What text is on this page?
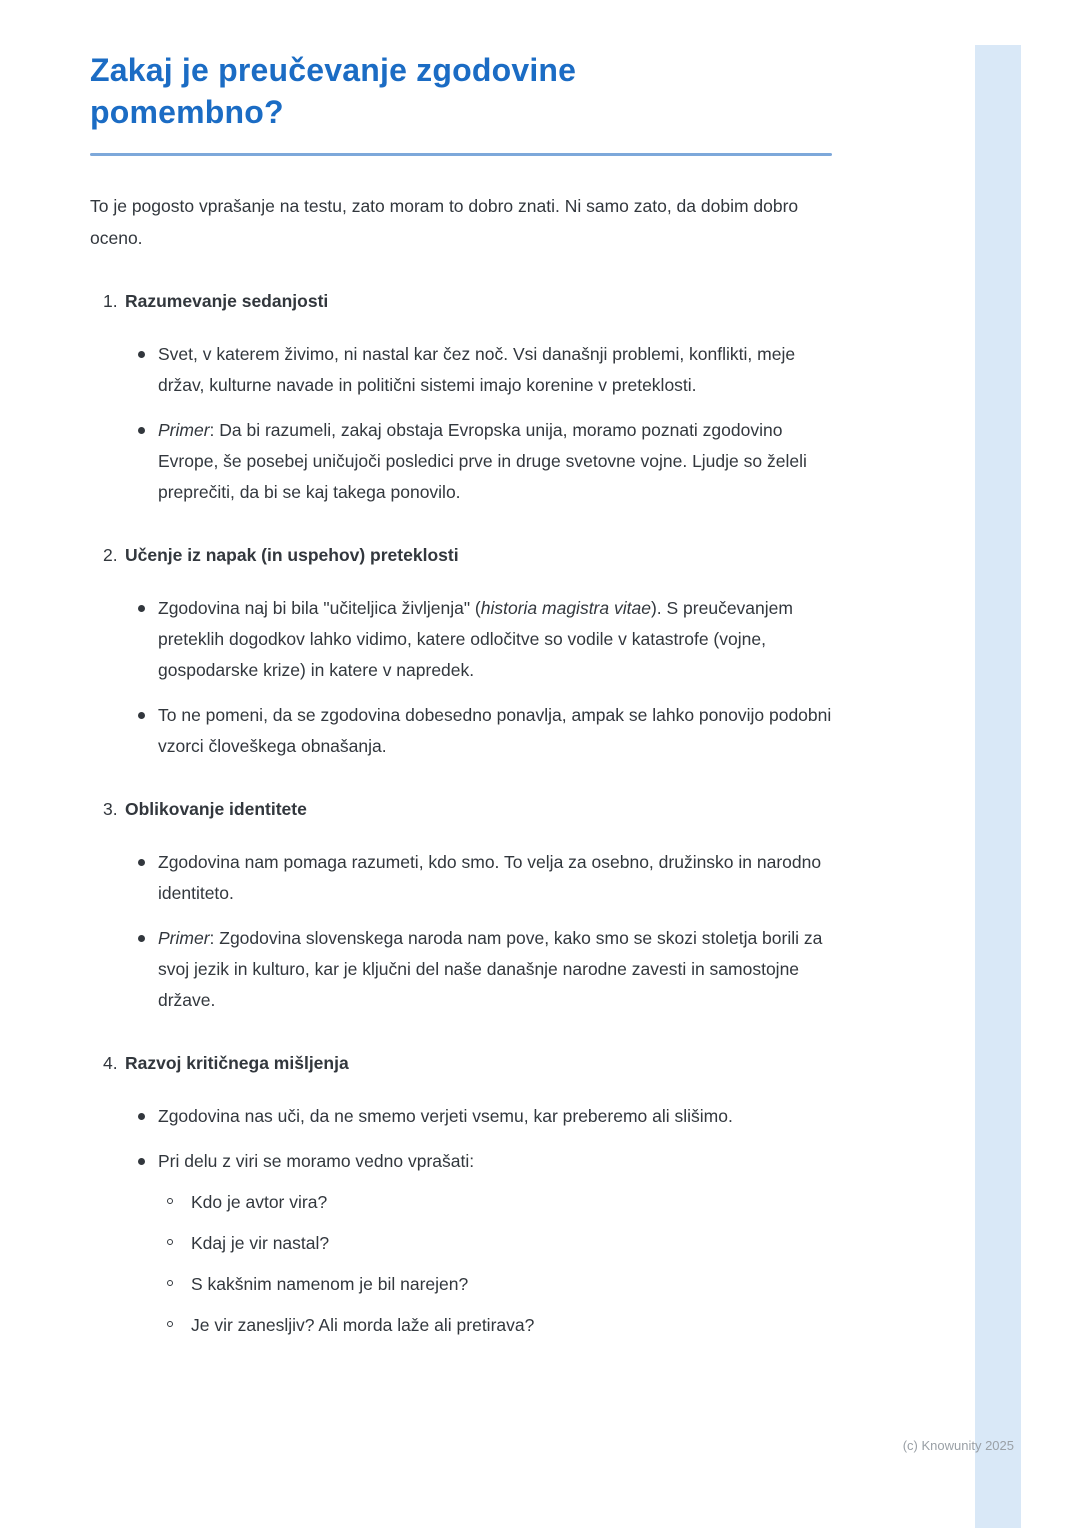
Zakaj je preučevanje zgodovine pomembno?

To je pogosto vprašanje na testu, zato moram to dobro znati. Ni samo zato, da dobim dobro oceno.

1. Razumevanje sedanjosti
Svet, v katerem živimo, ni nastal kar čez noč. Vsi današnji problemi, konflikti, meje držav, kulturne navade in politični sistemi imajo korenine v preteklosti.
Primer: Da bi razumeli, zakaj obstaja Evropska unija, moramo poznati zgodovino Evrope, še posebej uničujoči posledici prve in druge svetovne vojne. Ljudje so želeli preprečiti, da bi se kaj takega ponovilo.
2. Učenje iz napak (in uspehov) preteklosti
Zgodovina naj bi bila "učiteljica življenja" (historia magistra vitae). S preučevanjem preteklih dogodkov lahko vidimo, katere odločitve so vodile v katastrofe (vojne, gospodarske krize) in katere v napredek.
To ne pomeni, da se zgodovina dobesedno ponavlja, ampak se lahko ponovijo podobni vzorci človeškega obnašanja.
3. Oblikovanje identitete
Zgodovina nam pomaga razumeti, kdo smo. To velja za osebno, družinsko in narodno identiteto.
Primer: Zgodovina slovenskega naroda nam pove, kako smo se skozi stoletja borili za svoj jezik in kulturo, kar je ključni del naše današnje narodne zavesti in samostojne države.
4. Razvoj kritičnega mišljenja
Zgodovina nas uči, da ne smemo verjeti vsemu, kar preberemo ali slišimo.
Pri delu z viri se moramo vedno vprašati:
Kdo je avtor vira?
Kdaj je vir nastal?
S kakšnim namenom je bil narejen?
Je vir zanesljiv? Ali morda laže ali pretirava?
(c) Knowunity 2025
